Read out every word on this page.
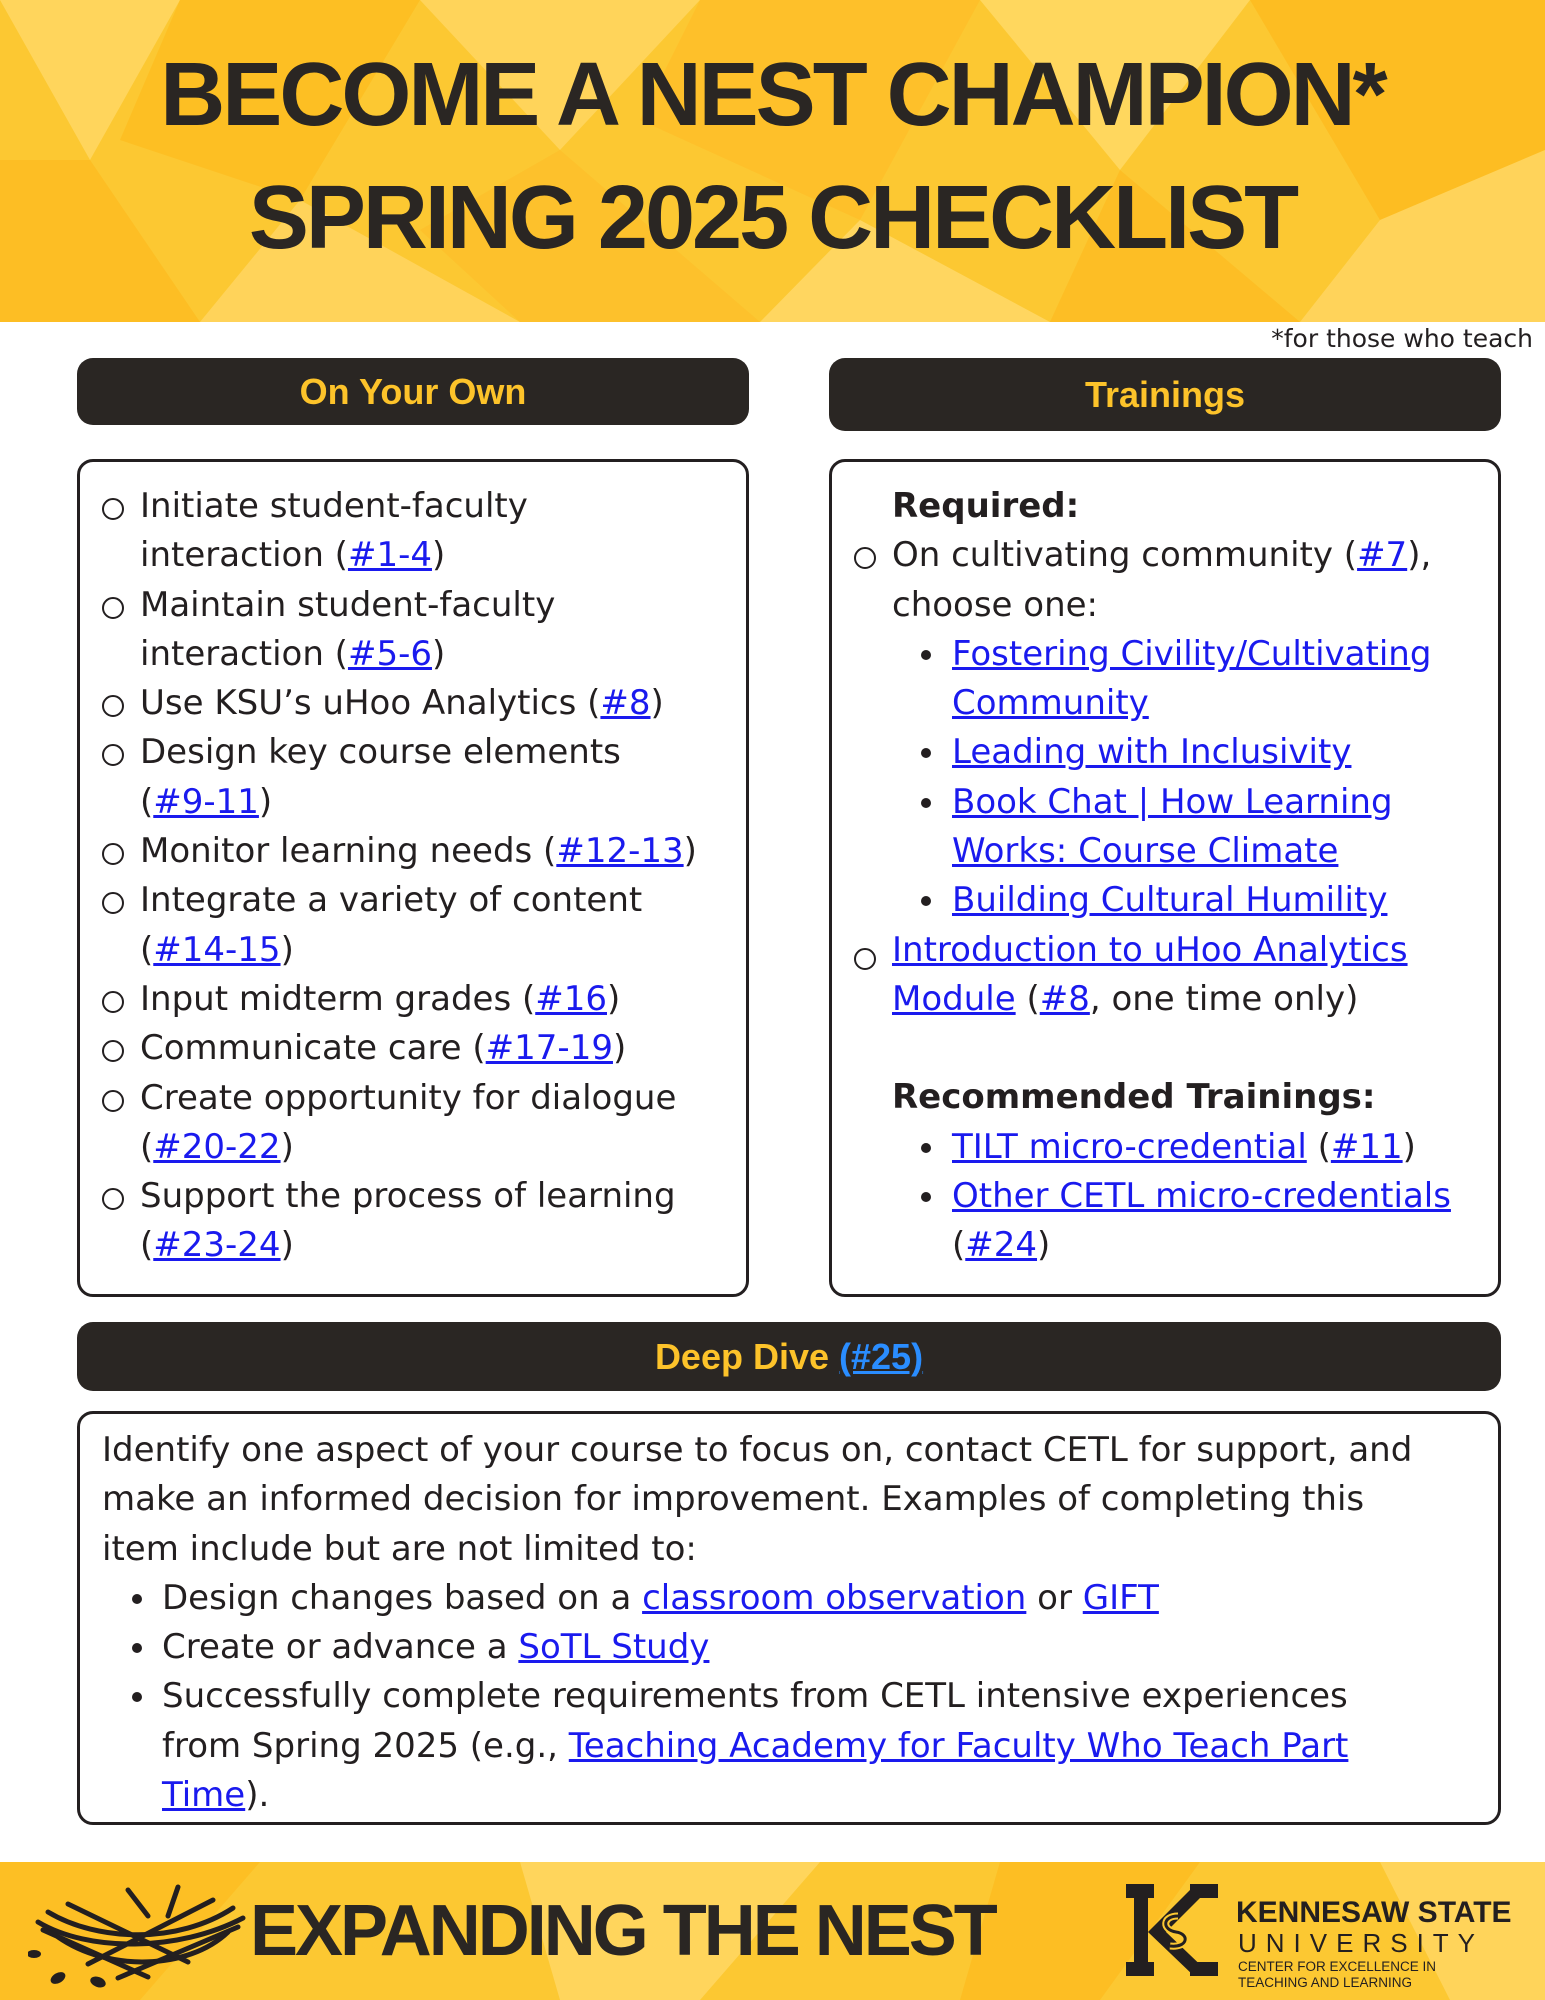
BECOME A NEST CHAMPION*
SPRING 2025 CHECKLIST
*for those who teach
On Your Own	Trainings
Initiate student-faculty
interaction (#1-4)
Maintain student-faculty
interaction (#5-6)
Use KSU’s uHoo Analytics (#8)
Design key course elements
(#9-11)
Monitor learning needs (#12-13)
Integrate a variety of content
(#14-15)
Input midterm grades (#16)
Communicate care (#17-19)
Create opportunity for dialogue
(#20-22)
Support the process of learning
(#23-24)
Required:
On cultivating community (#7),
choose one:
Fostering Civility/Cultivating
Community
Leading with Inclusivity
Book Chat | How Learning
Works: Course Climate
Building Cultural Humility
Introduction to uHoo Analytics
Module (#8, one time only)
Recommended Trainings:
TILT micro-credential (#11)
Other CETL micro-credentials
(#24)
Deep Dive (#25)
Identify one aspect of your course to focus on, contact CETL for support, and
make an informed decision for improvement. Examples of completing this
item include but are not limited to:
Design changes based on a classroom observation or GIFT
Create or advance a SoTL Study
Successfully complete requirements from CETL intensive experiences
from Spring 2025 (e.g., Teaching Academy for Faculty Who Teach Part
Time).
EXPANDING THE NEST	KENNESAW STATE
UNIVERSITY
CENTER FOR EXCELLENCE IN
TEACHING AND LEARNING
